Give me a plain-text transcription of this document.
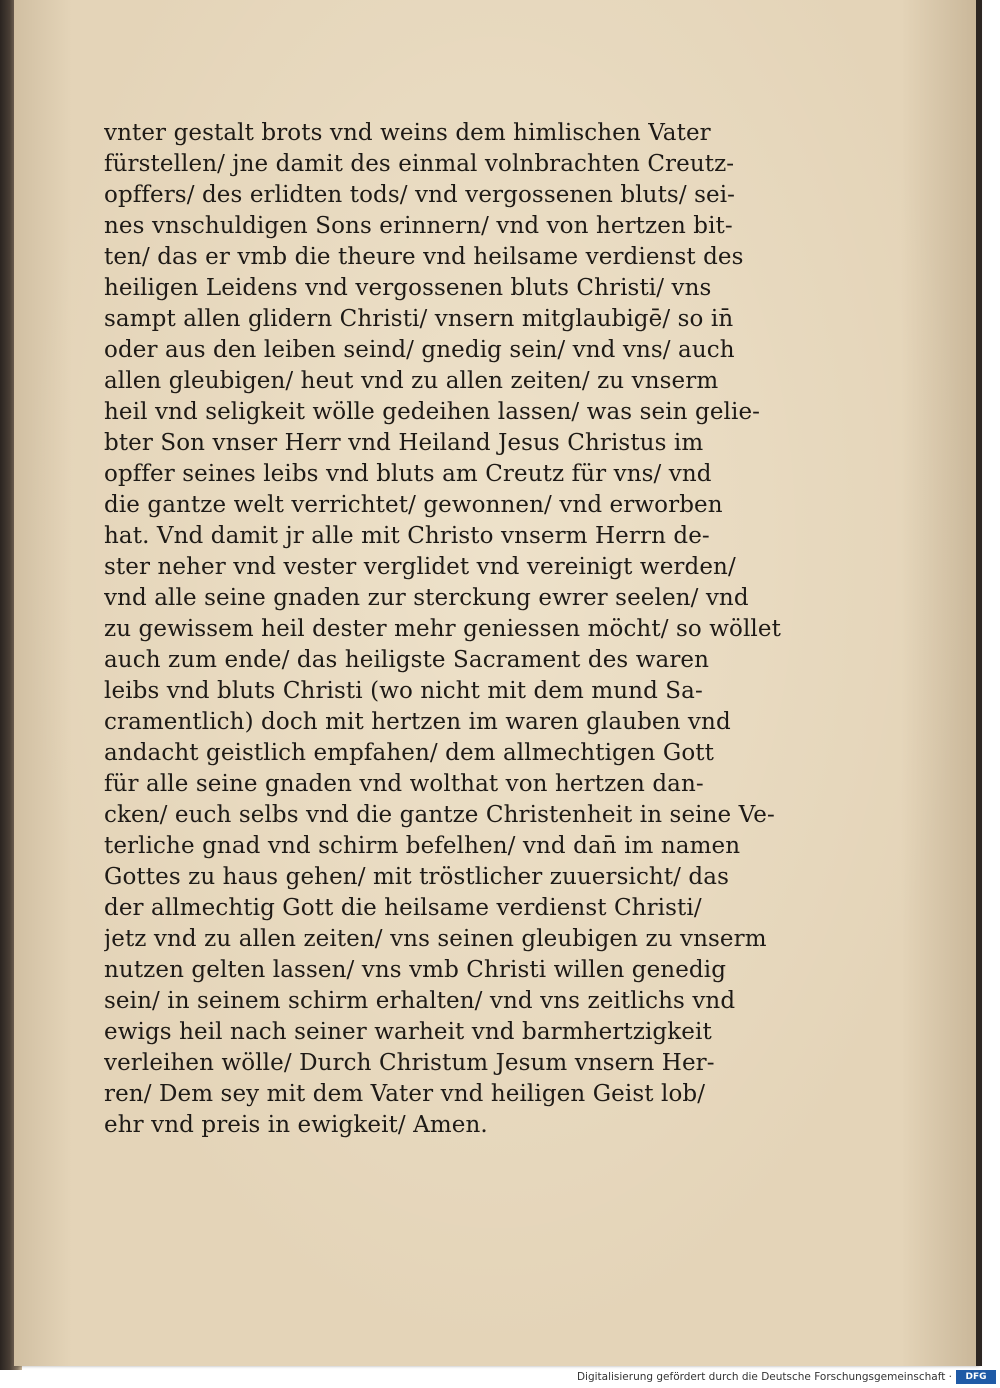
vnter gestalt brots vnd weins dem himlischen Vater
fürstellen/ jne damit des einmal volnbrachten Creutz-
opffers/ des erlidten tods/ vnd vergossenen bluts/ sei-
nes vnschuldigen Sons erinnern/ vnd von hertzen bit-
ten/ das er vmb die theure vnd heilsame verdienst des
heiligen Leidens vnd vergossenen bluts Christi/ vns
sampt allen glidern Christi/ vnsern mitglaubigē/ so in̄
oder aus den leiben seind/ gnedig sein/ vnd vns/ auch
allen gleubigen/ heut vnd zu allen zeiten/ zu vnserm
heil vnd seligkeit wölle gedeihen lassen/ was sein gelie-
bter Son vnser Herr vnd Heiland Jesus Christus im
opffer seines leibs vnd bluts am Creutz für vns/ vnd
die gantze welt verrichtet/ gewonnen/ vnd erworben
hat. Vnd damit jr alle mit Christo vnserm Herrn de-
ster neher vnd vester verglidet vnd vereinigt werden/
vnd alle seine gnaden zur sterckung ewrer seelen/ vnd
zu gewissem heil dester mehr geniessen möcht/ so wöllet
auch zum ende/ das heiligste Sacrament des waren
leibs vnd bluts Christi (wo nicht mit dem mund Sa-
cramentlich) doch mit hertzen im waren glauben vnd
andacht geistlich empfahen/ dem allmechtigen Gott
für alle seine gnaden vnd wolthat von hertzen dan-
cken/ euch selbs vnd die gantze Christenheit in seine Ve-
terliche gnad vnd schirm befelhen/ vnd dan̄ im namen
Gottes zu haus gehen/ mit tröstlicher zuuersicht/ das
der allmechtig Gott die heilsame verdienst Christi/
jetz vnd zu allen zeiten/ vns seinen gleubigen zu vnserm
nutzen gelten lassen/ vns vmb Christi willen genedig
sein/ in seinem schirm erhalten/ vnd vns zeitlichs vnd
ewigs heil nach seiner warheit vnd barmhertzigkeit
verleihen wölle/ Durch Christum Jesum vnsern Her-
ren/ Dem sey mit dem Vater vnd heiligen Geist lob/
ehr vnd preis in ewigkeit/ Amen.
Digitalisierung gefördert durch die Deutsche Forschungsgemeinschaft ·	DFG
